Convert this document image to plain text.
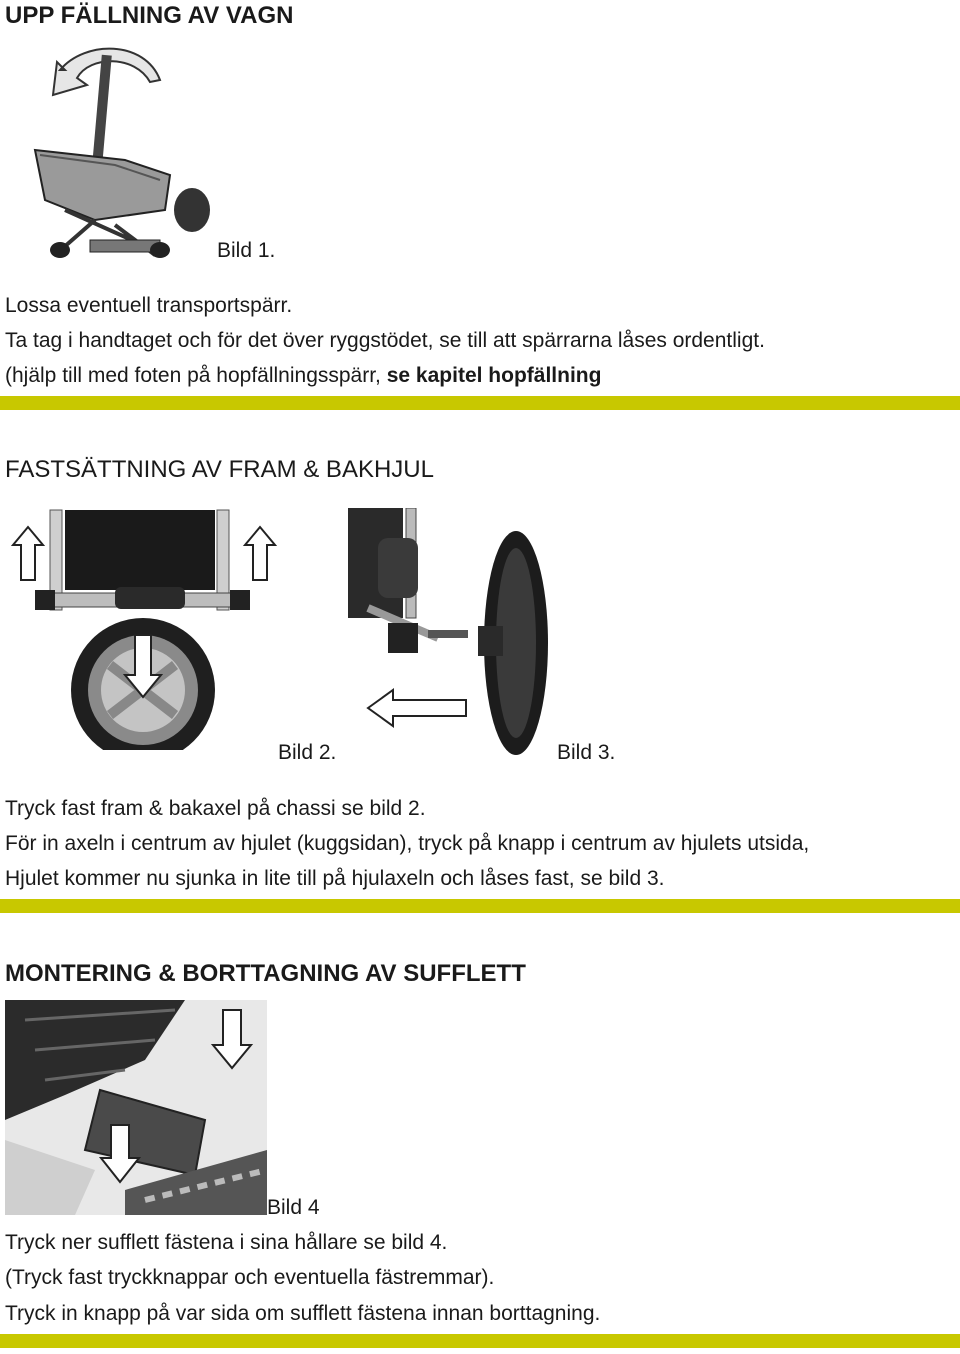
UPP FÄLLNING AV VAGN
Bild 1.
Lossa eventuell transportspärr.
Ta tag i handtaget och för det över ryggstödet, se till att spärrarna låses ordentligt.
(hjälp till med foten på hopfällningsspärr, se kapitel hopfällning
FASTSÄTTNING AV FRAM & BAKHJUL
Bild 2.	Bild 3.
Tryck fast fram & bakaxel på chassi se bild 2.
För in axeln i centrum av hjulet (kuggsidan), tryck på knapp i centrum av hjulets utsida,
Hjulet kommer nu sjunka in lite till på hjulaxeln och låses fast, se bild 3.
MONTERING & BORTTAGNING AV SUFFLETT
Bild 4
Tryck ner sufflett fästena i sina hållare se bild 4.
(Tryck fast tryckknappar och eventuella fästremmar).
Tryck in knapp på var sida om sufflett fästena innan borttagning.
